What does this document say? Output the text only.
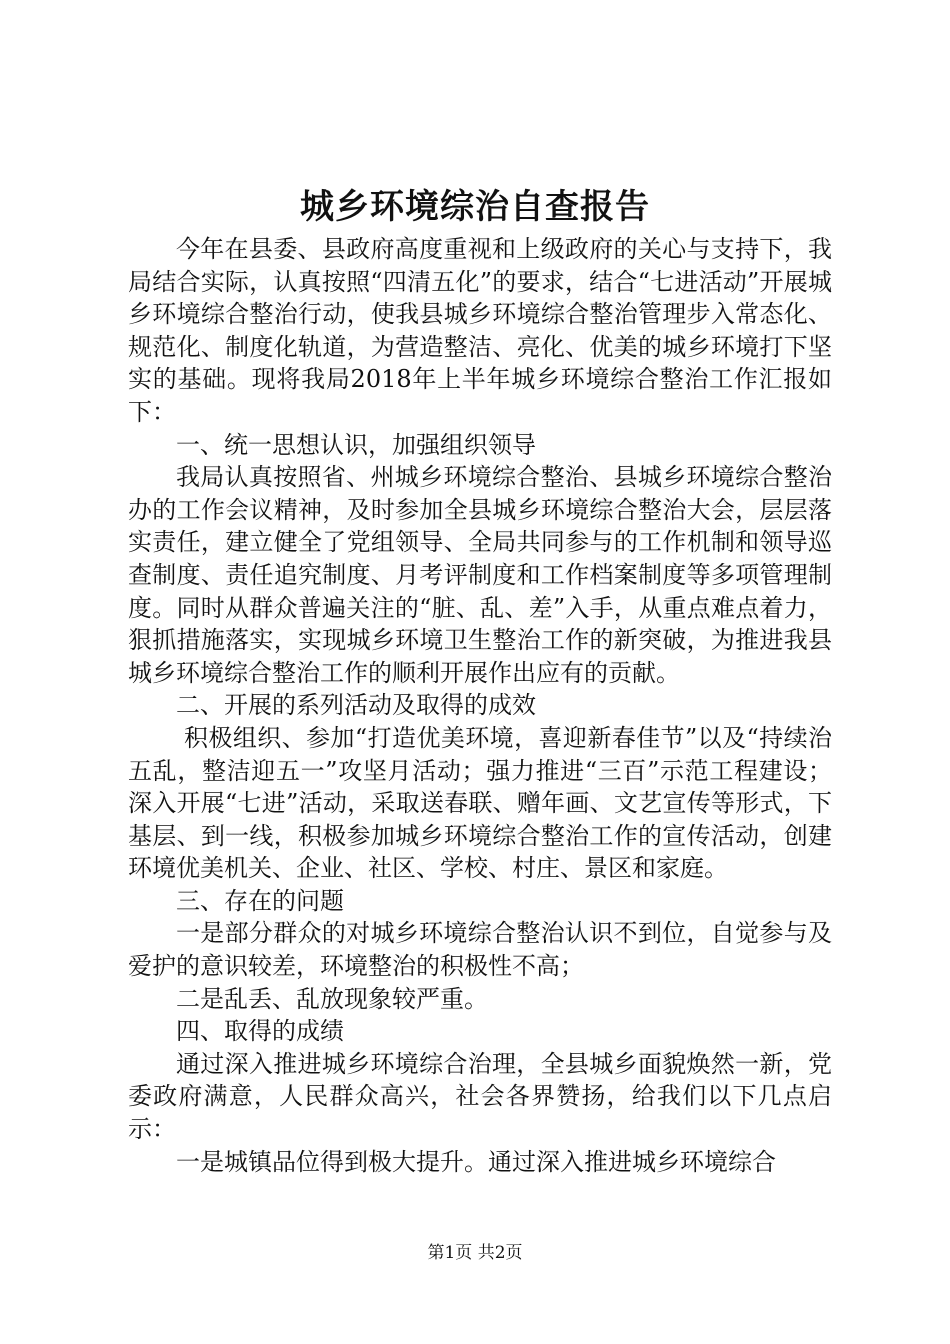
城乡环境综治自查报告

今年在县委、县政府高度重视和上级政府的关心与支持下，我局结合实际，认真按照“四清五化”的要求，结合“七进活动”开展城乡环境综合整治行动，使我县城乡环境综合整治管理步入常态化、规范化、制度化轨道，为营造整洁、亮化、优美的城乡环境打下坚实的基础。现将我局2018年上半年城乡环境综合整治工作汇报如下：

一、统一思想认识，加强组织领导

我局认真按照省、州城乡环境综合整治、县城乡环境综合整治办的工作会议精神，及时参加全县城乡环境综合整治大会，层层落实责任，建立健全了党组领导、全局共同参与的工作机制和领导巡查制度、责任追究制度、月考评制度和工作档案制度等多项管理制度。同时从群众普遍关注的“脏、乱、差”入手，从重点难点着力，狠抓措施落实，实现城乡环境卫生整治工作的新突破，为推进我县城乡环境综合整治工作的顺利开展作出应有的贡献。

二、开展的系列活动及取得的成效

积极组织、参加“打造优美环境，喜迎新春佳节”以及“持续治五乱，整洁迎五一”攻坚月活动；强力推进“三百”示范工程建设；深入开展“七进”活动，采取送春联、赠年画、文艺宣传等形式，下基层、到一线，积极参加城乡环境综合整治工作的宣传活动，创建环境优美机关、企业、社区、学校、村庄、景区和家庭。

三、存在的问题

一是部分群众的对城乡环境综合整治认识不到位，自觉参与及爱护的意识较差，环境整治的积极性不高；

二是乱丢、乱放现象较严重。

四、取得的成绩

通过深入推进城乡环境综合治理，全县城乡面貌焕然一新，党委政府满意，人民群众高兴，社会各界赞扬，给我们以下几点启示：

一是城镇品位得到极大提升。通过深入推进城乡环境综合

第1页 共2页
